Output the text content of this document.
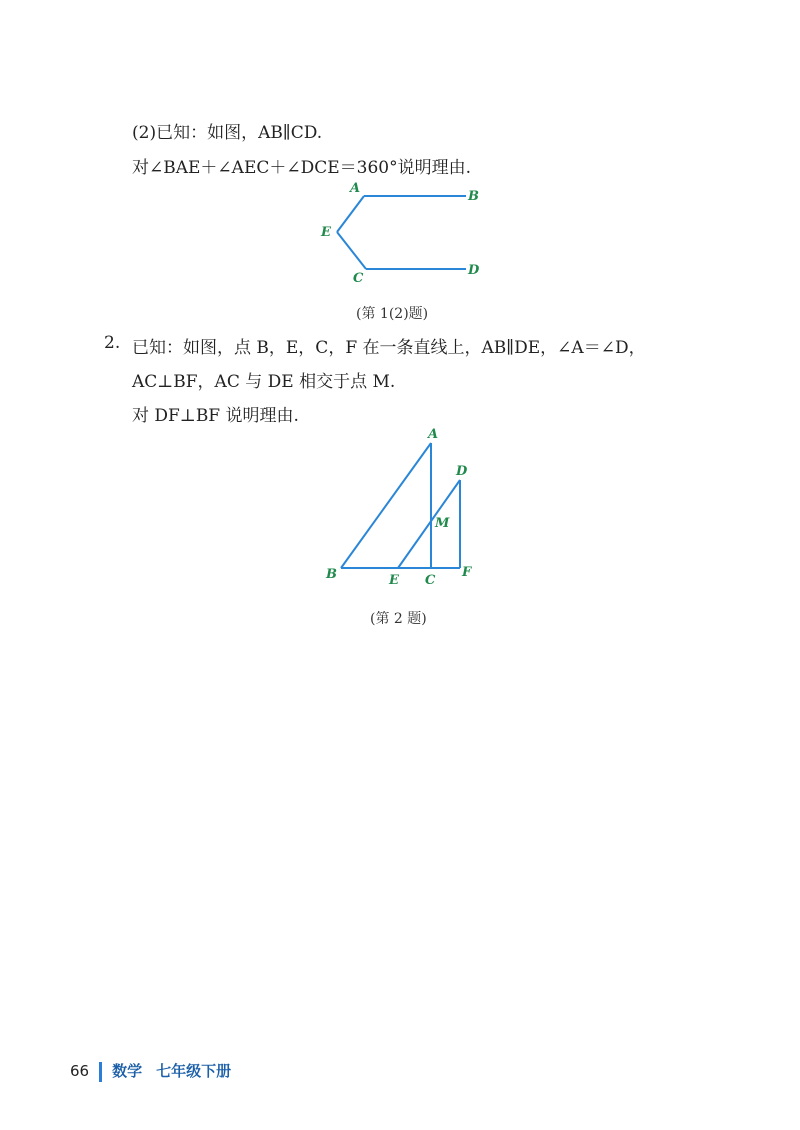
(2)已知：如图，AB∥CD.
对∠BAE＋∠AEC＋∠DCE＝360°说明理由.
A
B
E
C
D
A
D
M
B	E C
F
(第 1(2)题)
2. 已知：如图，点 B，E，C，F 在一条直线上，AB∥DE，∠A＝∠D，
AC⊥BF，AC 与 DE 相交于点 M.
对 DF⊥BF 说明理由.
(第 2 题)
66 数学 七年级下册
